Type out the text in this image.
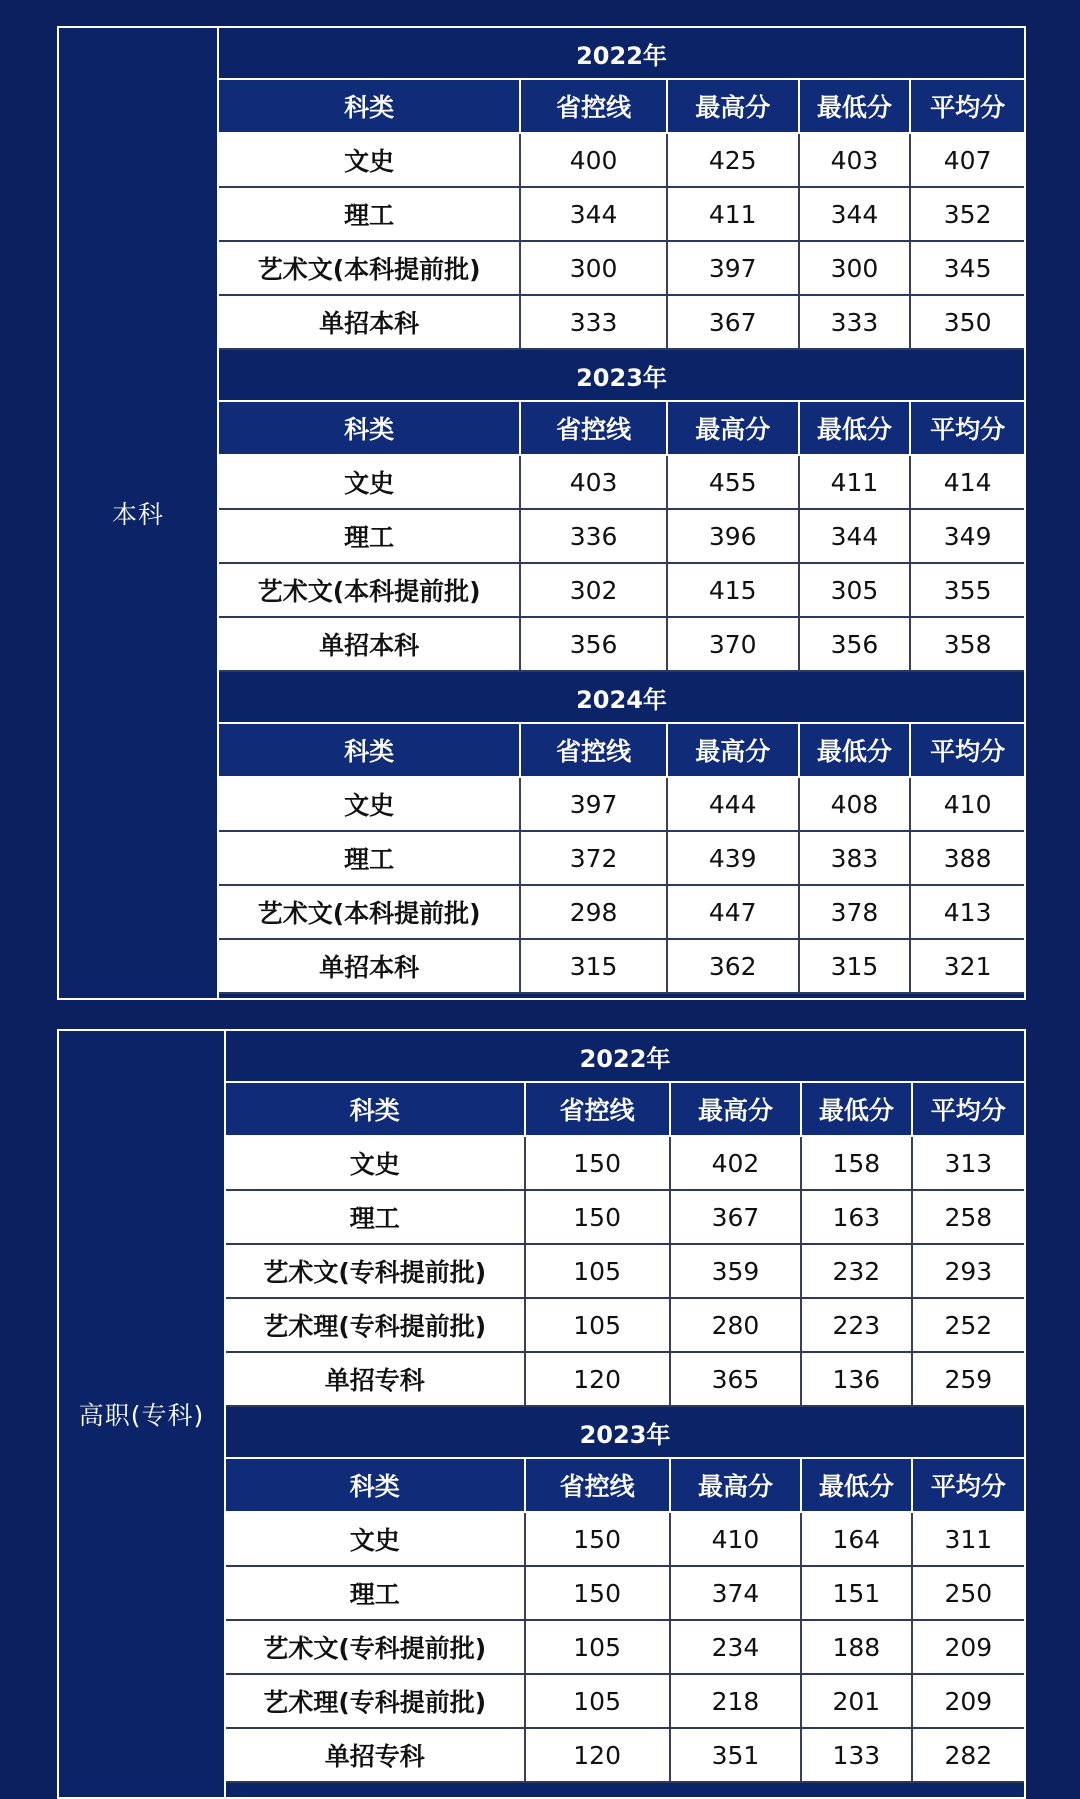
本科
2022年
科类	省控线	最高分	最低分	平均分
文史	400	425	403	407
理工	344	411	344	352
艺术文(本科提前批)	300	397	300	345
单招本科	333	367	333	350
2023年
科类	省控线	最高分	最低分	平均分
文史	403	455	411	414
理工	336	396	344	349
艺术文(本科提前批)	302	415	305	355
单招本科	356	370	356	358
2024年
科类	省控线	最高分	最低分	平均分
文史	397	444	408	410
理工	372	439	383	388
艺术文(本科提前批)	298	447	378	413
单招本科	315	362	315	321
高职(专科)
2022年
科类	省控线	最高分	最低分	平均分
文史	150	402	158	313
理工	150	367	163	258
艺术文(专科提前批)	105	359	232	293
艺术理(专科提前批)	105	280	223	252
单招专科	120	365	136	259
2023年
科类	省控线	最高分	最低分	平均分
文史	150	410	164	311
理工	150	374	151	250
艺术文(专科提前批)	105	234	188	209
艺术理(专科提前批)	105	218	201	209
单招专科	120	351	133	282
